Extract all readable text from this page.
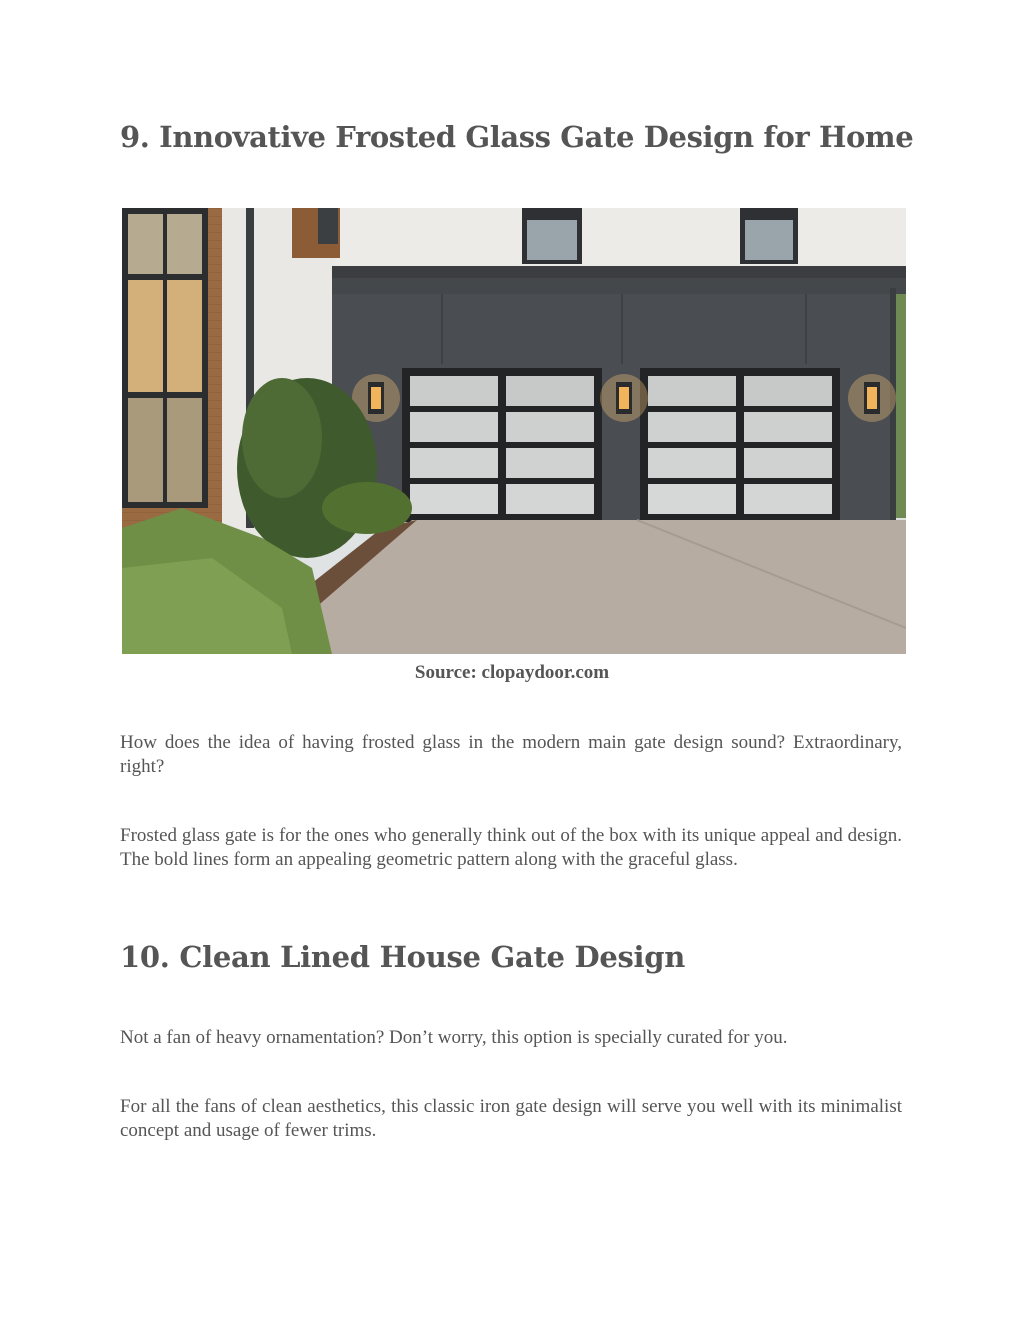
9. Innovative Frosted Glass Gate Design for Home
Source: clopaydoor.com

How does the idea of having frosted glass in the modern main gate design sound? Extraordinary, right?

Frosted glass gate is for the ones who generally think out of the box with its unique appeal and design. The bold lines form an appealing geometric pattern along with the graceful glass.

10. Clean Lined House Gate Design

Not a fan of heavy ornamentation? Don’t worry, this option is specially curated for you.

For all the fans of clean aesthetics, this classic iron gate design will serve you well with its minimalist concept and usage of fewer trims.
